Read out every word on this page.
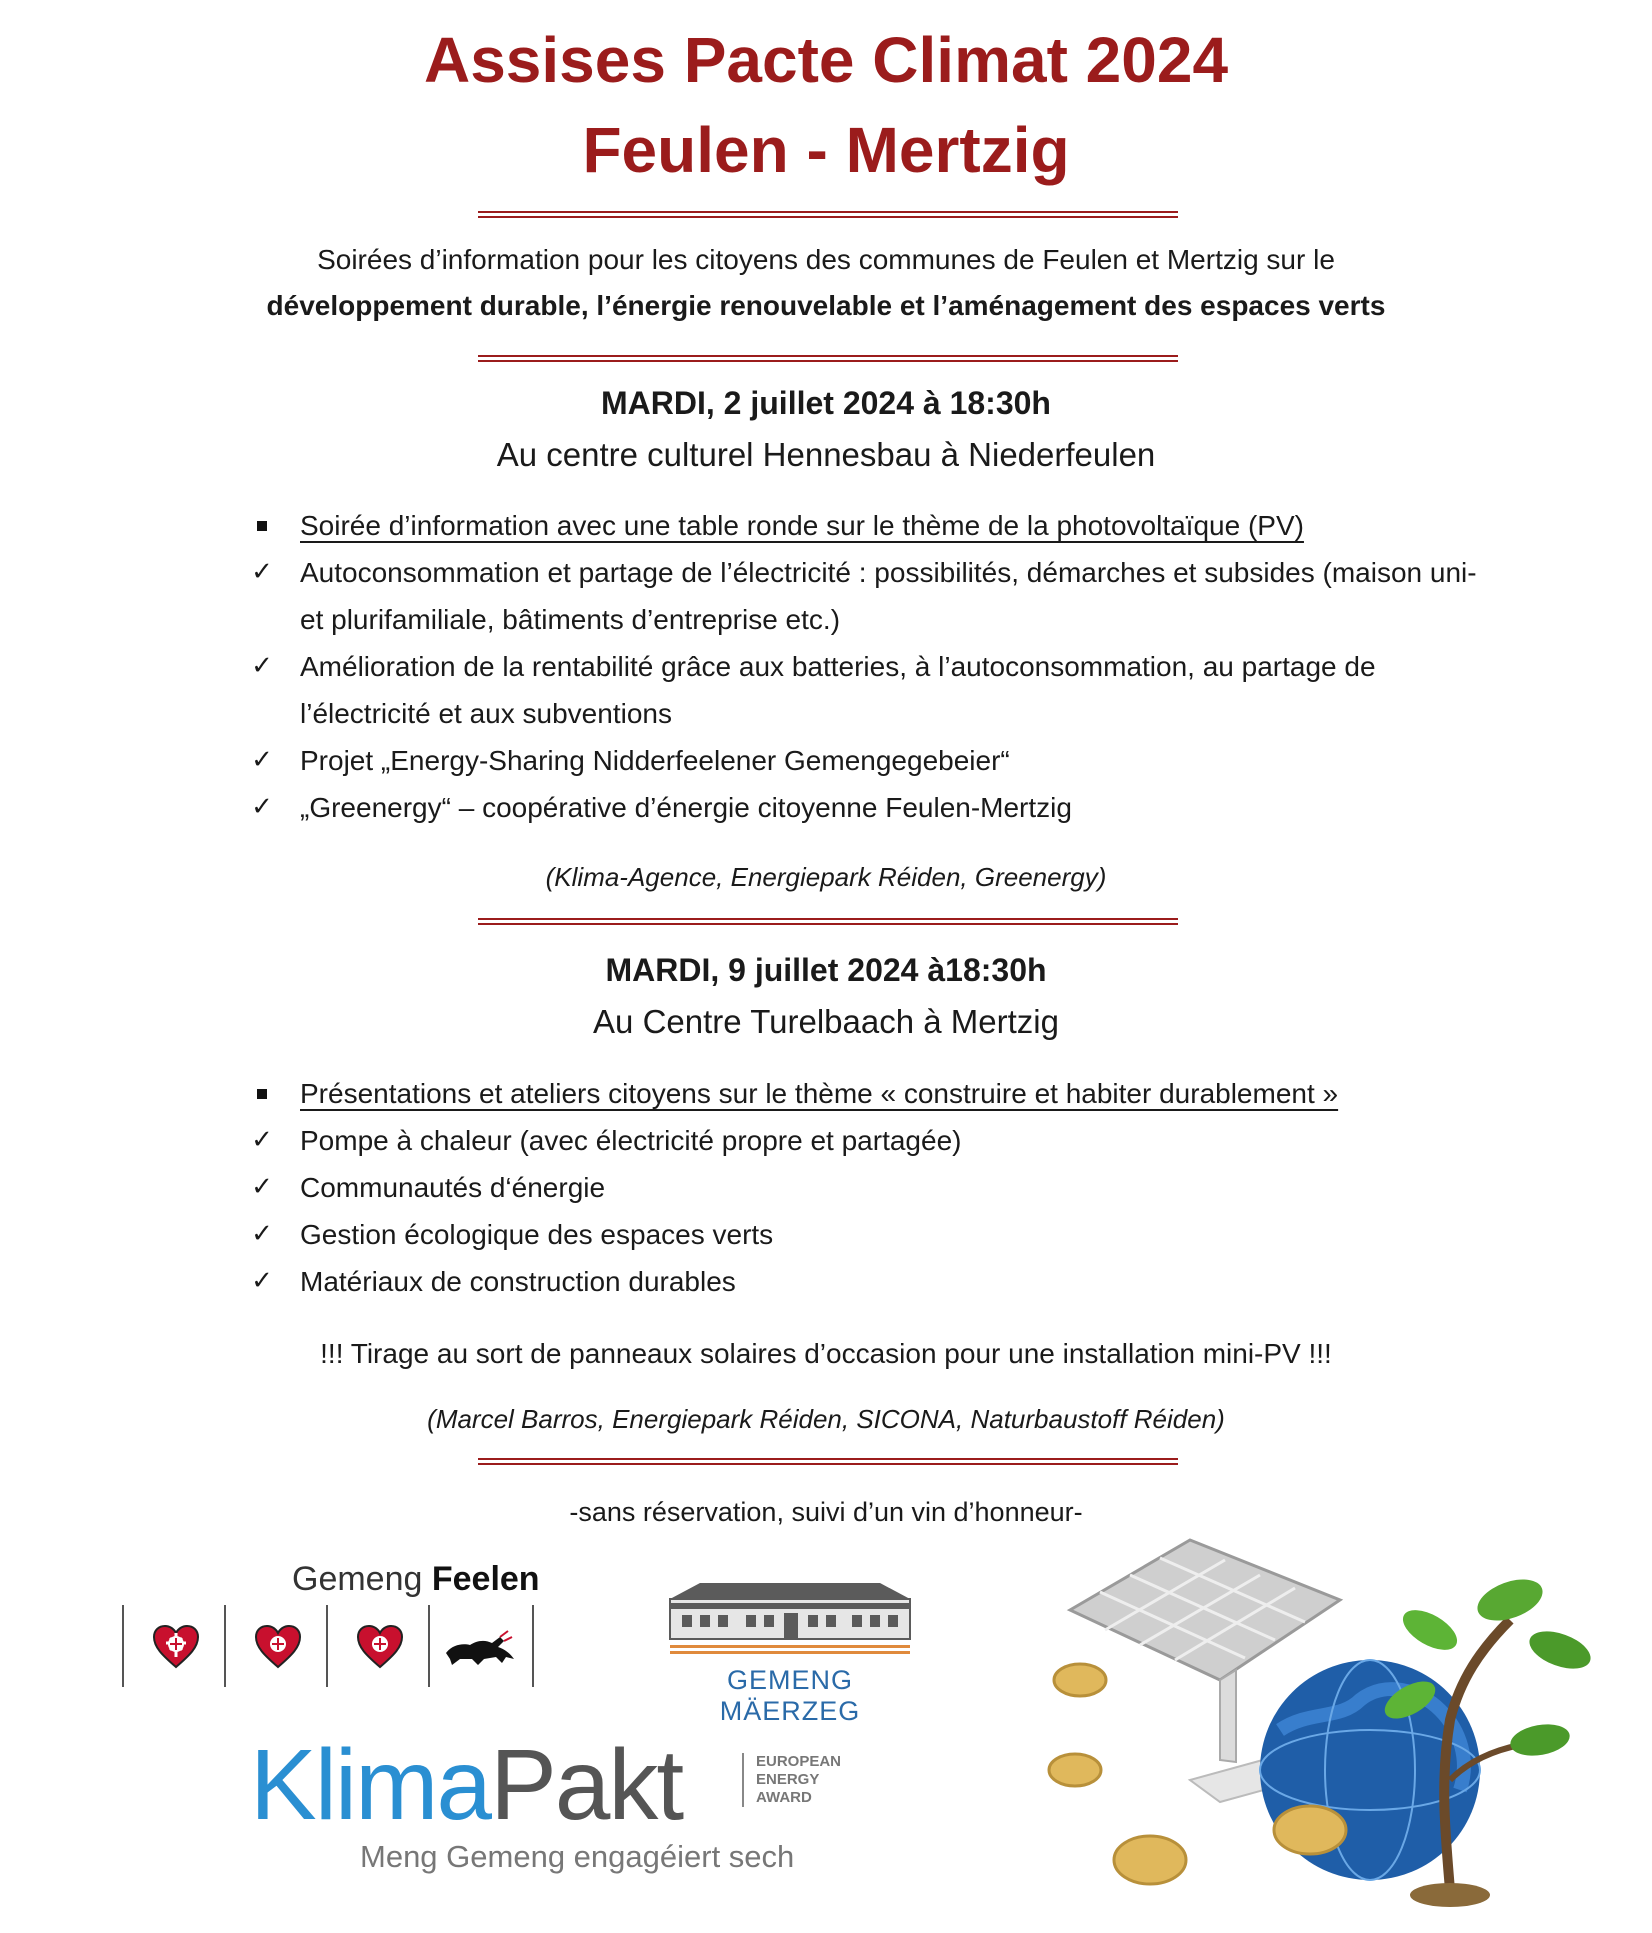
Assises Pacte Climat 2024
Feulen - Mertzig
Soirées d’information pour les citoyens des communes de Feulen et Mertzig sur le
développement durable, l’énergie renouvelable et l’aménagement des espaces verts
MARDI, 2 juillet 2024 à 18:30h
Au centre culturel Hennesbau à Niederfeulen
Soirée d’information avec une table ronde sur le thème de la photovoltaïque (PV)
✓ Autoconsommation et partage de l’électricité : possibilités, démarches et subsides (maison uni- et plurifamiliale, bâtiments d’entreprise etc.)
✓ Amélioration de la rentabilité grâce aux batteries, à l’autoconsommation, au partage de l’électricité et aux subventions
✓ Projet „Energy-Sharing Nidderfeelener Gemengegebeier“
✓ „Greenergy“ – coopérative d’énergie citoyenne Feulen-Mertzig
(Klima-Agence, Energiepark Réiden, Greenergy)
MARDI, 9 juillet 2024 à18:30h
Au Centre Turelbaach à Mertzig
Présentations et ateliers citoyens sur le thème « construire et habiter durablement »
✓ Pompe à chaleur (avec électricité propre et partagée)
✓ Communautés d‘énergie
✓ Gestion écologique des espaces verts
✓ Matériaux de construction durables
!!! Tirage au sort de panneaux solaires d’occasion pour une installation mini-PV !!!
(Marcel Barros, Energiepark Réiden, SICONA, Naturbaustoff Réiden)
-sans réservation, suivi d’un vin d’honneur-
Gemeng Feelen
GEMENG MÄERZEG
KlimaPakt	EUROPEAN
ENERGY
AWARD
Meng Gemeng engagéiert sech
